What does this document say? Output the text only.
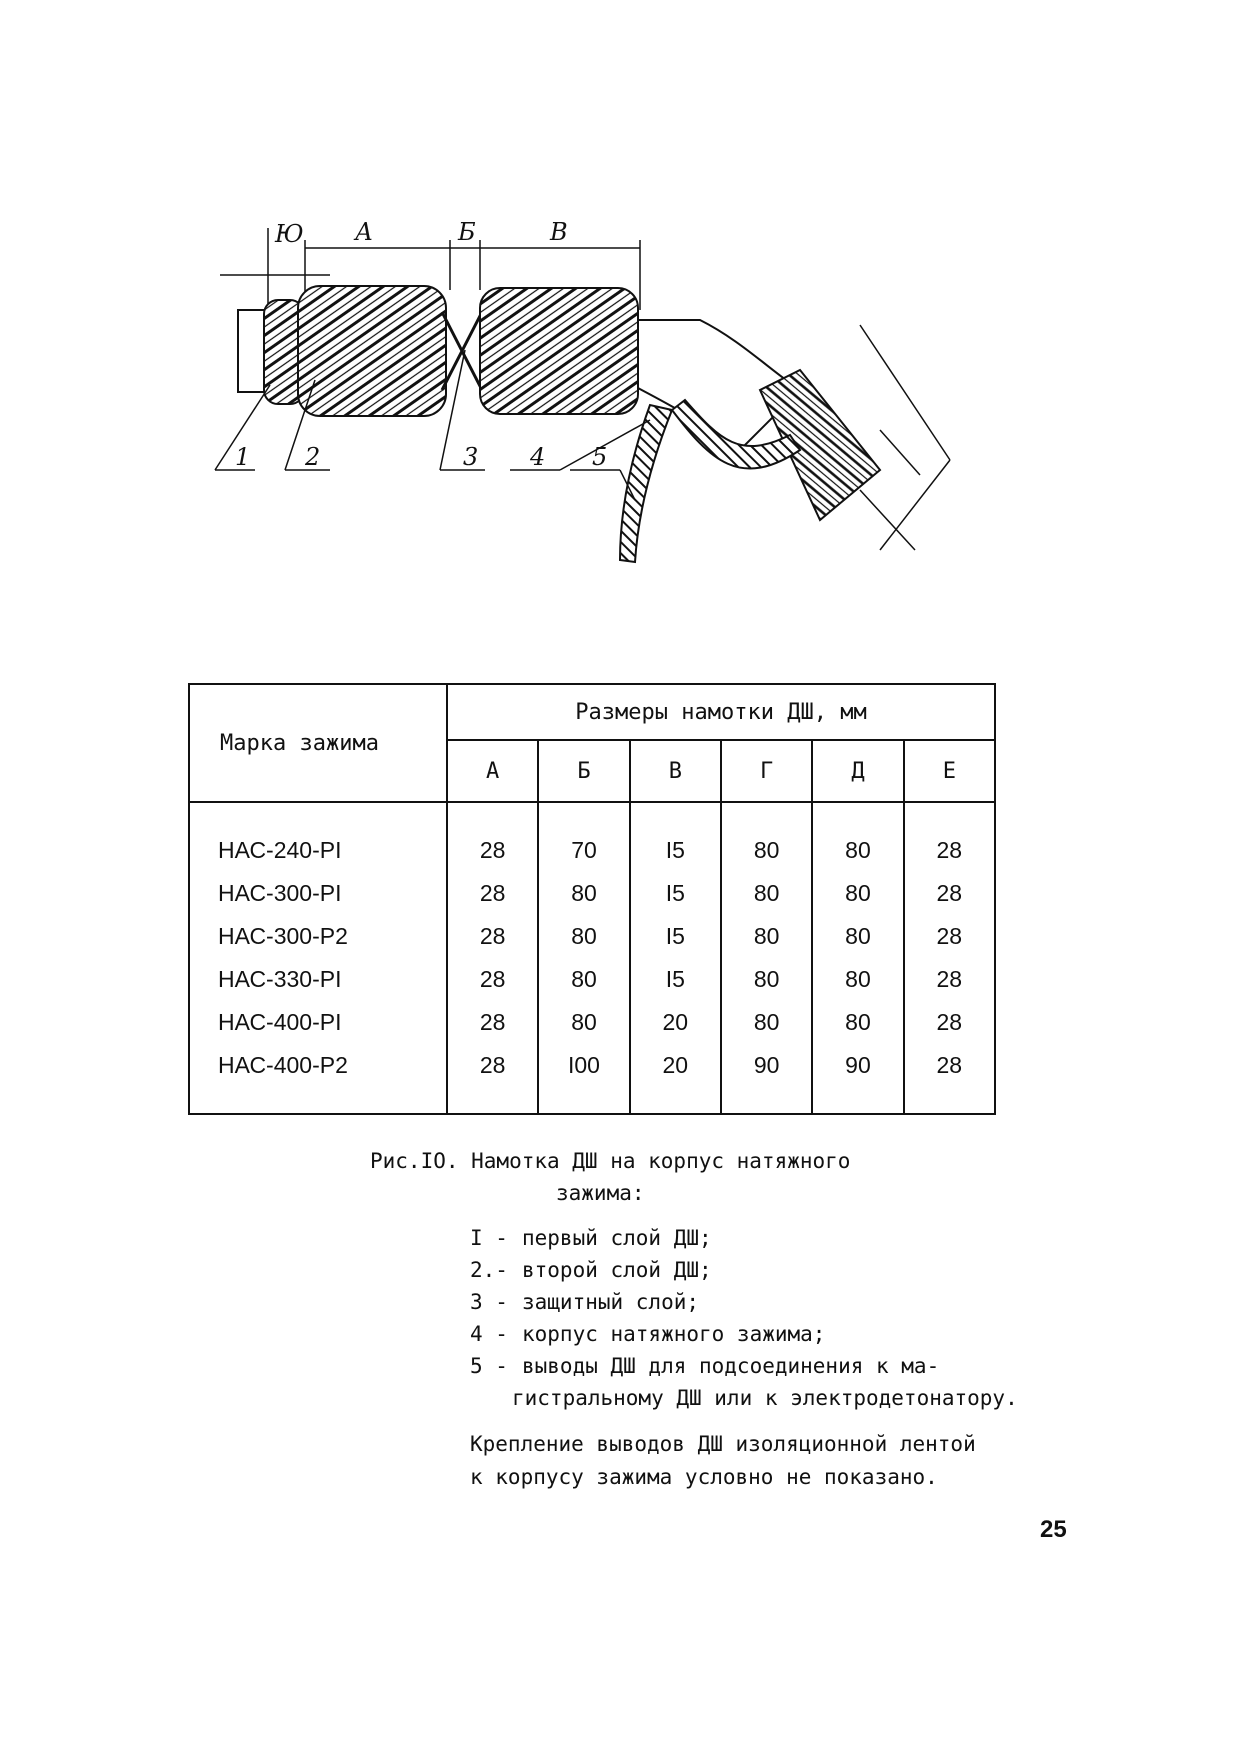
Ю А	Б	В
1 2	3 4 5
Марка зажима	Размеры намотки ДШ, мм					
	А	Б	В	Г	Д	Е
НАС-240-РI	28	70	I5	80	80	28
НАС-300-РI	28	80	I5	80	80	28
НАС-300-Р2	28	80	I5	80	80	28
НАС-330-РI	28	80	I5	80	80	28
НАС-400-РI	28	80	20	80	80	28
НАС-400-Р2	28	I00	20	90	90	28
Рис.IO. Намотка ДШ на корпус натяжного
зажима:
I - первый слой ДШ;
2.- второй слой ДШ;
3 - защитный слой;
4 - корпус натяжного зажима;
5 - выводы ДШ для подсоединения к ма-
гистральному ДШ или к электродетонатору.
Крепление выводов ДШ изоляционной лентой
к корпусу зажима условно не показано.
25
